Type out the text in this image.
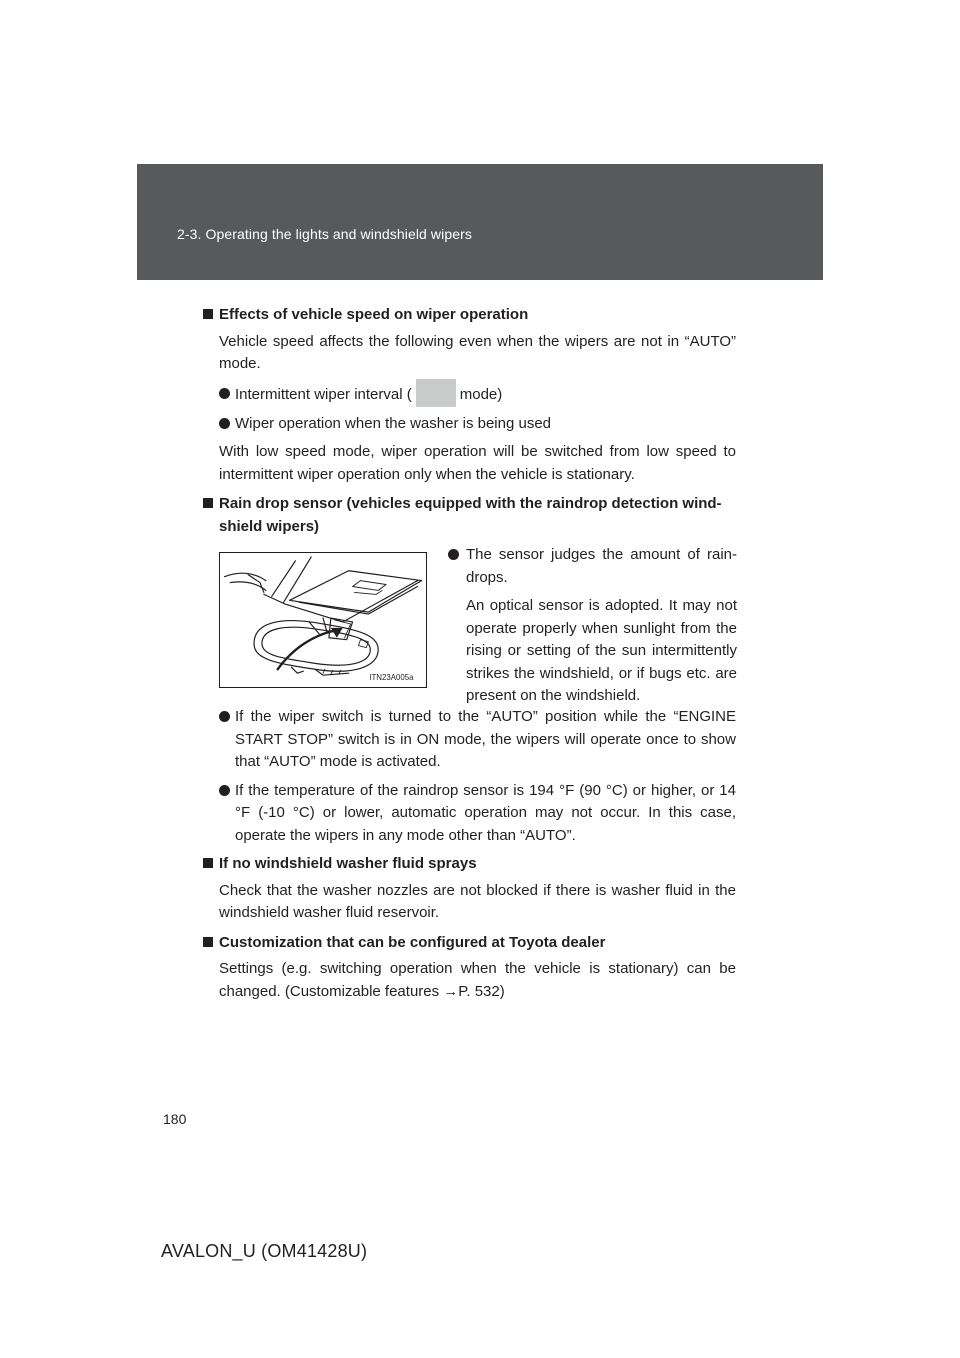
2-3. Operating the lights and windshield wipers
Effects of vehicle speed on wiper operation

Vehicle speed affects the following even when the wipers are not in “AUTO” mode.

Intermittent wiper interval (	mode)
Wiper operation when the washer is being used

With low speed mode, wiper operation will be switched from low speed to intermittent wiper operation only when the vehicle is stationary.

Rain drop sensor (vehicles equipped with the raindrop detection wind-shield wipers)
ITN23A005a
The sensor judges the amount of rain-drops.

An optical sensor is adopted. It may not operate properly when sunlight from the rising or setting of the sun intermittently strikes the windshield, or if bugs etc. are present on the windshield.

If the wiper switch is turned to the “AUTO” position while the “ENGINE START STOP” switch is in ON mode, the wipers will operate once to show that “AUTO” mode is activated.
If the temperature of the raindrop sensor is 194 °F (90 °C) or higher, or 14 °F (-10 °C) or lower, automatic operation may not occur. In this case, operate the wipers in any mode other than “AUTO”.
If no windshield washer fluid sprays

Check that the washer nozzles are not blocked if there is washer fluid in the windshield washer fluid reservoir.

Customization that can be configured at Toyota dealer

Settings (e.g. switching operation when the vehicle is stationary) can be changed. (Customizable features →P. 532)

180
AVALON_U (OM41428U)
